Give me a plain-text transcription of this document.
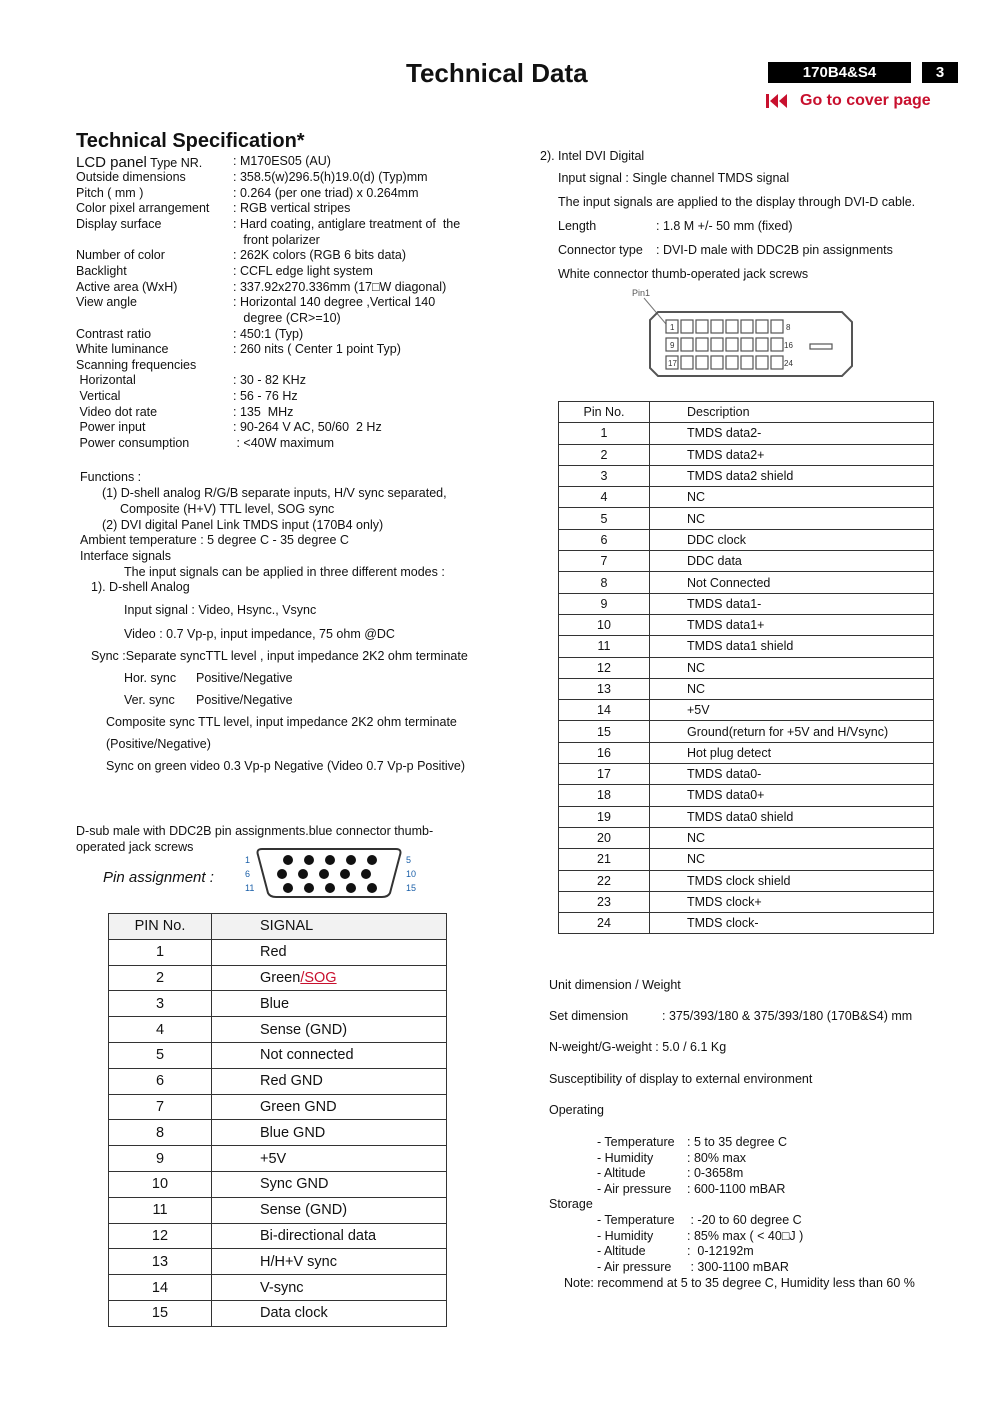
Technical Data	170B4&S4	3
Go to cover page
Technical Specification*
LCD panel Type NR. : M170ES05 (AU)
Outside dimensions	: 358.5(w)296.5(h)19.0(d) (Typ)mm
Pitch ( mm )	: 0.264 (per one triad) x 0.264mm
Color pixel arrangement : RGB vertical stripes
Display surface	: Hard coating, antiglare treatment of  the
front polarizer
Number of color	: 262K colors (RGB 6 bits data)
Backlight	: CCFL edge light system
Active area (WxH)	: 337.92x270.336mm (17□W diagonal)
View angle	: Horizontal 140 degree ,Vertical 140
degree (CR>=10)
Contrast ratio	: 450:1 (Typ)
White luminance	: 260 nits ( Center 1 point Typ)
Scanning frequencies
Horizontal	: 30 - 82 KHz
Vertical	: 56 - 76 Hz
Video dot rate	: 135  MHz
Power input	: 90-264 V AC, 50/60  2 Hz
Power consumption	: <40W maximum
Functions :
(1) D-shell analog R/G/B separate inputs, H/V sync separated,
Composite (H+V) TTL level, SOG sync
(2) DVI digital Panel Link TMDS input (170B4 only)
Ambient temperature : 5 degree C - 35 degree C
Interface signals
The input signals can be applied in three different modes :
1). D-shell Analog
Input signal : Video, Hsync., Vsync
Video : 0.7 Vp-p, input impedance, 75 ohm @DC
Sync :Separate syncTTL level , input impedance 2K2 ohm terminate
Hor. sync Positive/Negative
Ver. sync Positive/Negative
Composite sync TTL level, input impedance 2K2 ohm terminate
(Positive/Negative)
Sync on green video 0.3 Vp-p Negative (Video 0.7 Vp-p Positive)
D-sub male with DDC2B pin assignments.blue connector thumb-
operated jack screws
Pin assignment :
1	5
6	10
11	15
PIN No.	SIGNAL
1	Red
2	Green/SOG
3	Blue
4	Sense (GND)
5	Not connected
6	Red GND
7	Green GND
8	Blue GND
9	+5V
10	Sync GND
11	Sense (GND)
12	Bi-directional data
13	H/H+V sync
14	V-sync
15	Data clock
2). Intel DVI Digital
Input signal : Single channel TMDS signal
The input signals are applied to the display through DVI-D cable.
Length	: 1.8 M +/- 50 mm (fixed)
Connector type : DVI-D male with DDC2B pin assignments
White connector thumb-operated jack screws
Pin1
1	8
9	16
17	24
Pin No.	Description
1	TMDS data2-
2	TMDS data2+
3	TMDS data2 shield
4	NC
5	NC
6	DDC clock
7	DDC data
8	Not Connected
9	TMDS data1-
10	TMDS data1+
11	TMDS data1 shield
12	NC
13	NC
14	+5V
15	Ground(return for +5V and H/Vsync)
16	Hot plug detect
17	TMDS data0-
18	TMDS data0+
19	TMDS data0 shield
20	NC
21	NC
22	TMDS clock shield
23	TMDS clock+
24	TMDS clock-
Unit dimension / Weight
Set dimension	: 375/393/180 & 375/393/180 (170B&S4) mm
N-weight/G-weight : 5.0 / 6.1 Kg
Susceptibility of display to external environment
Operating
- Temperature : 5 to 35 degree C
- Humidity	: 80% max
- Altitude	: 0-3658m
- Air pressure : 600-1100 mBAR
Storage
- Temperature : -20 to 60 degree C
- Humidity	: 85% max ( < 40□J )
- Altitude	:  0-12192m
- Air pressure : 300-1100 mBAR
Note: recommend at 5 to 35 degree C, Humidity less than 60 %
